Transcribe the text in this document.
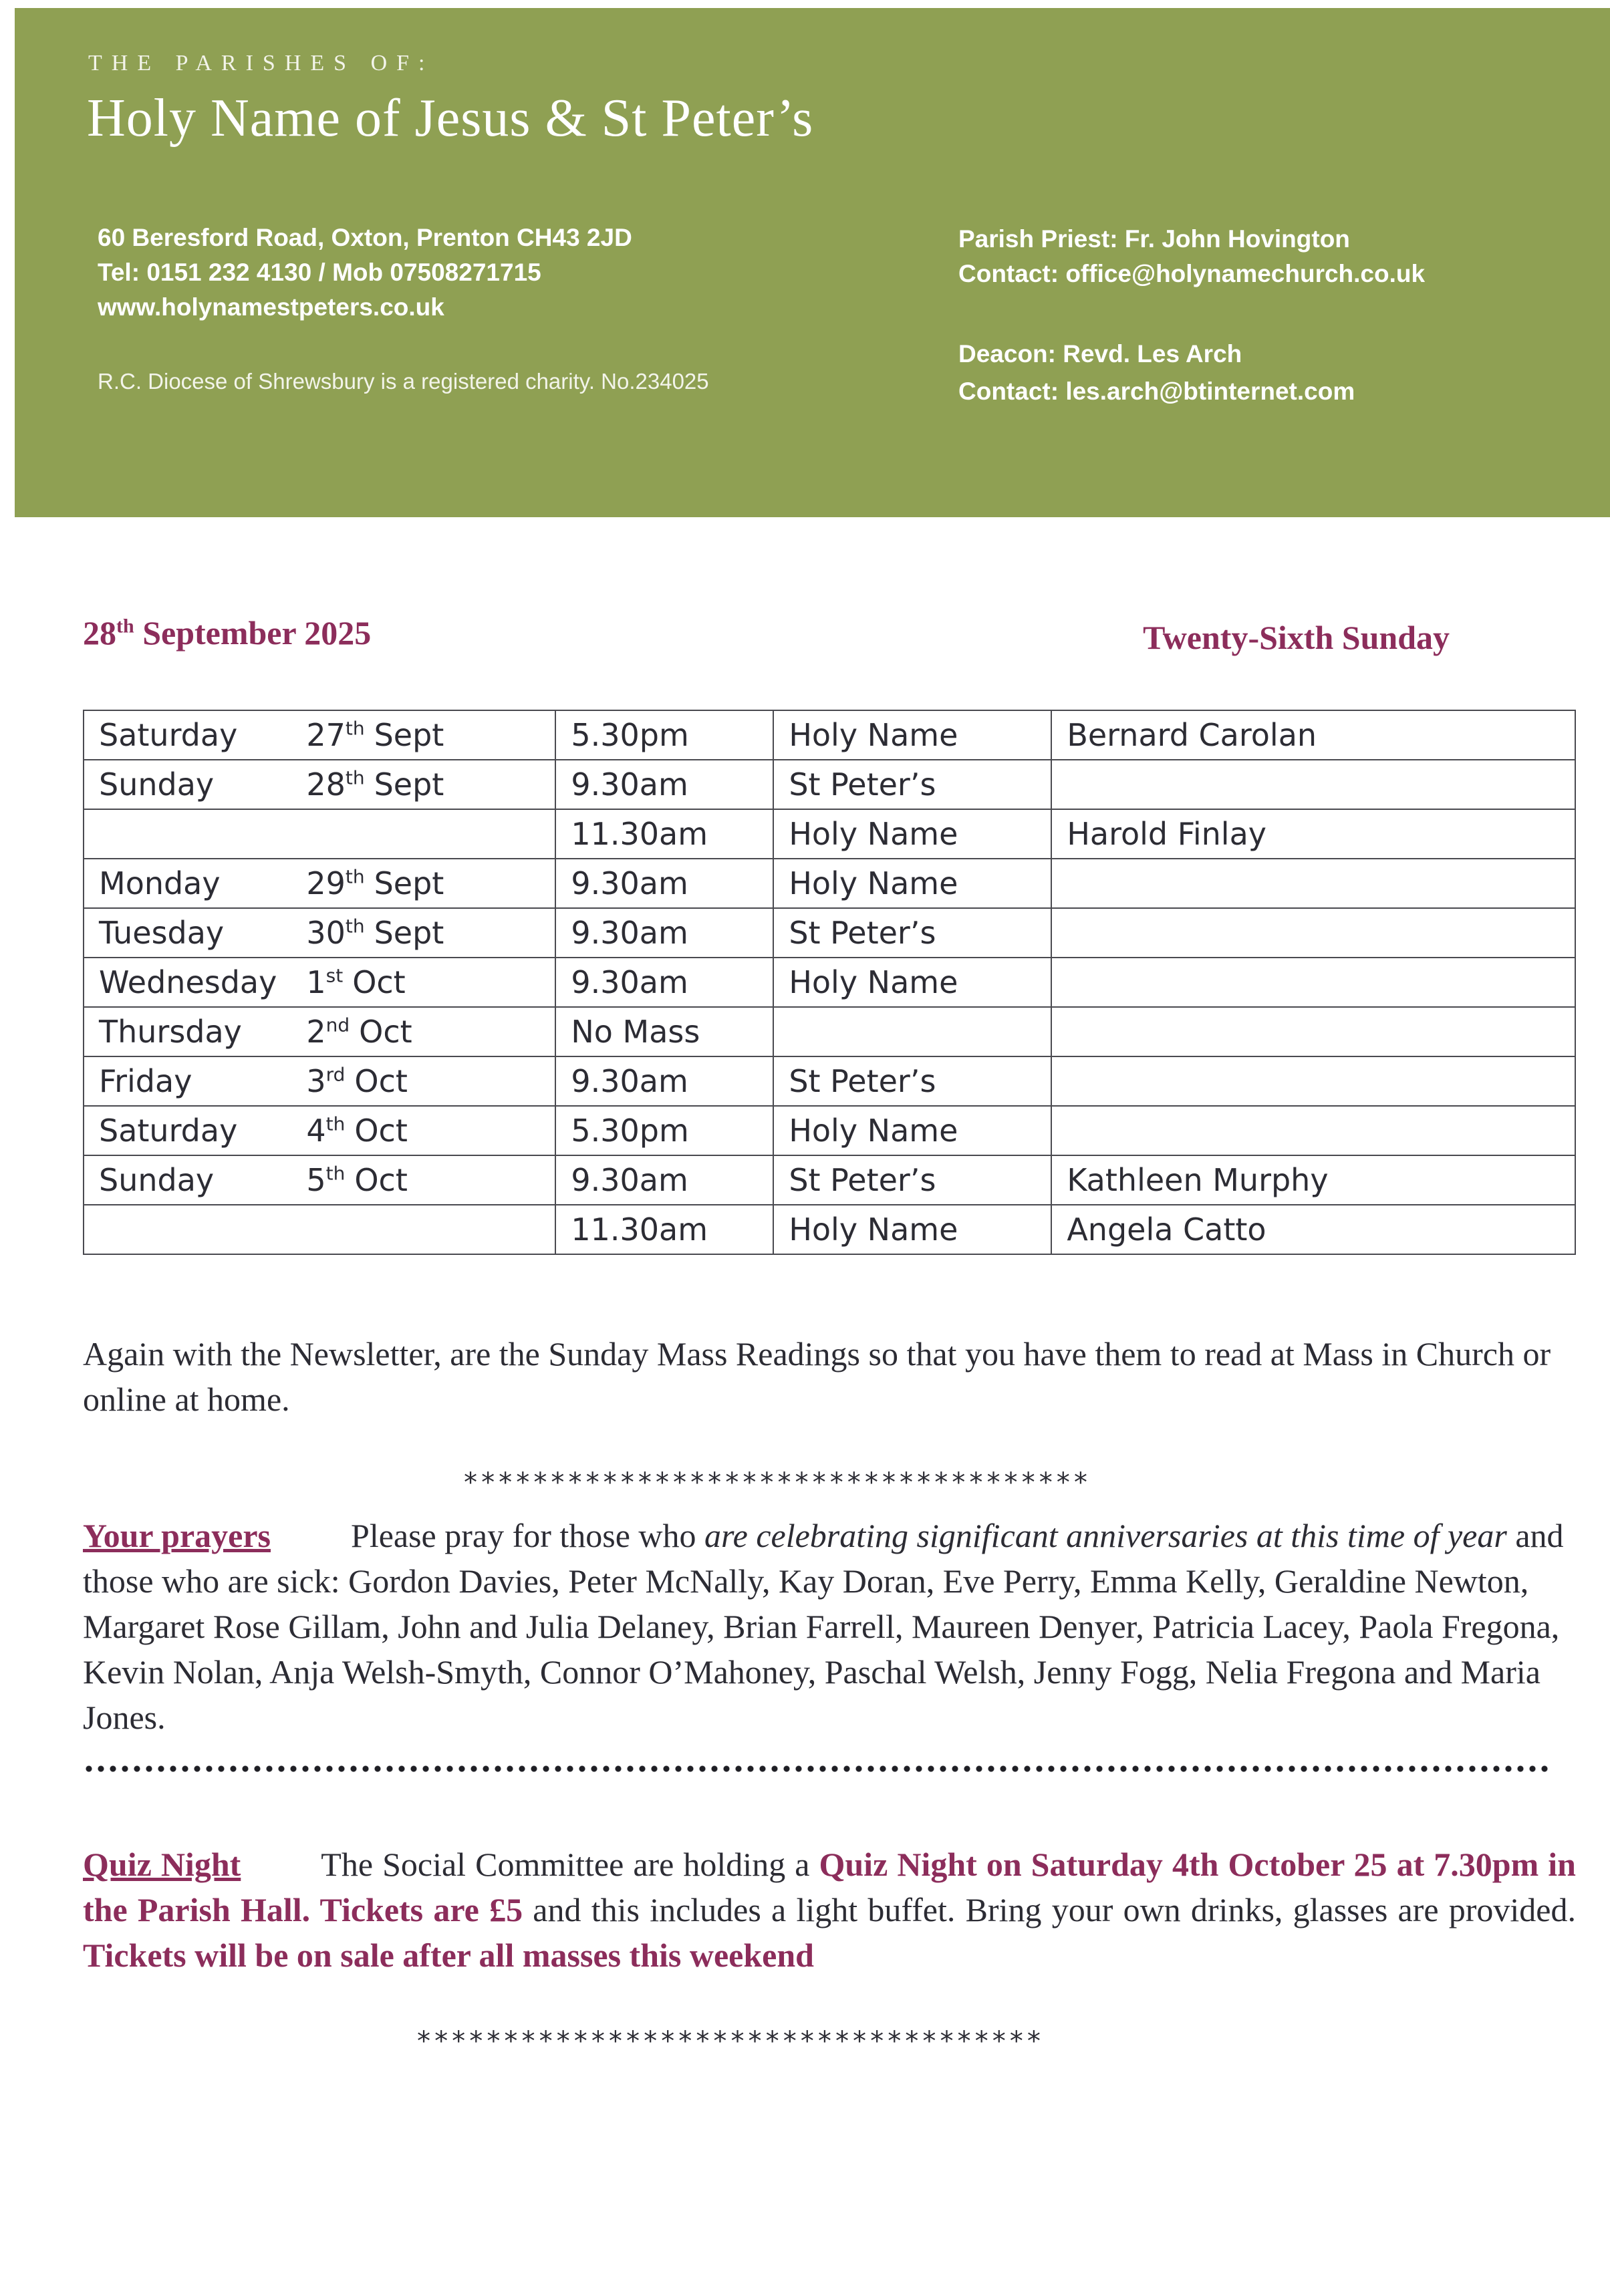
THE PARISHES OF:
Holy Name of Jesus & St Peter’s
60 Beresford Road, Oxton, Prenton CH43 2JD
Tel: 0151 232 4130 / Mob 07508271715
www.holynamestpeters.co.uk
R.C. Diocese of Shrewsbury is a registered charity. No.234025
Parish Priest: Fr. John Hovington
Contact: office@holynamechurch.co.uk
Deacon: Revd. Les Arch
Contact: les.arch@btinternet.com
28th September 2025	Twenty-Sixth Sunday
Saturday	27th Sept	5.30pm	Holy Name	Bernard Carolan
Sunday	28th Sept	9.30am	St Peter’s	
		11.30am	Holy Name	Harold Finlay
Monday	29th Sept	9.30am	Holy Name	
Tuesday	30th Sept	9.30am	St Peter’s	
Wednesday	1st Oct	9.30am	Holy Name	
Thursday	2nd Oct	No Mass		
Friday	3rd Oct	9.30am	St Peter’s	
Saturday	4th Oct	5.30pm	Holy Name	
Sunday	5th Oct	9.30am	St Peter’s	Kathleen Murphy
		11.30am	Holy Name	Angela Catto
Again with the Newsletter, are the Sunday Mass Readings so that you have them to read at Mass in Church or online at home.
************************************
Your prayers Please pray for those who are celebrating significant anniversaries at this time of year and those who are sick: Gordon Davies, Peter McNally, Kay Doran, Eve Perry, Emma Kelly, Geraldine Newton, Margaret Rose Gillam, John and Julia Delaney, Brian Farrell, Maureen Denyer, Patricia Lacey, Paola Fregona, Kevin Nolan, Anja Welsh-Smyth, Connor O’Mahoney, Paschal Welsh, Jenny Fogg, Nelia Fregona and Maria Jones.
Quiz Night The Social Committee are holding a Quiz Night on Saturday 4th October 25 at 7.30pm in the Parish Hall. Tickets are £5 and this includes a light buffet. Bring your own drinks, glasses are provided. Tickets will be on sale after all masses this weekend
************************************
